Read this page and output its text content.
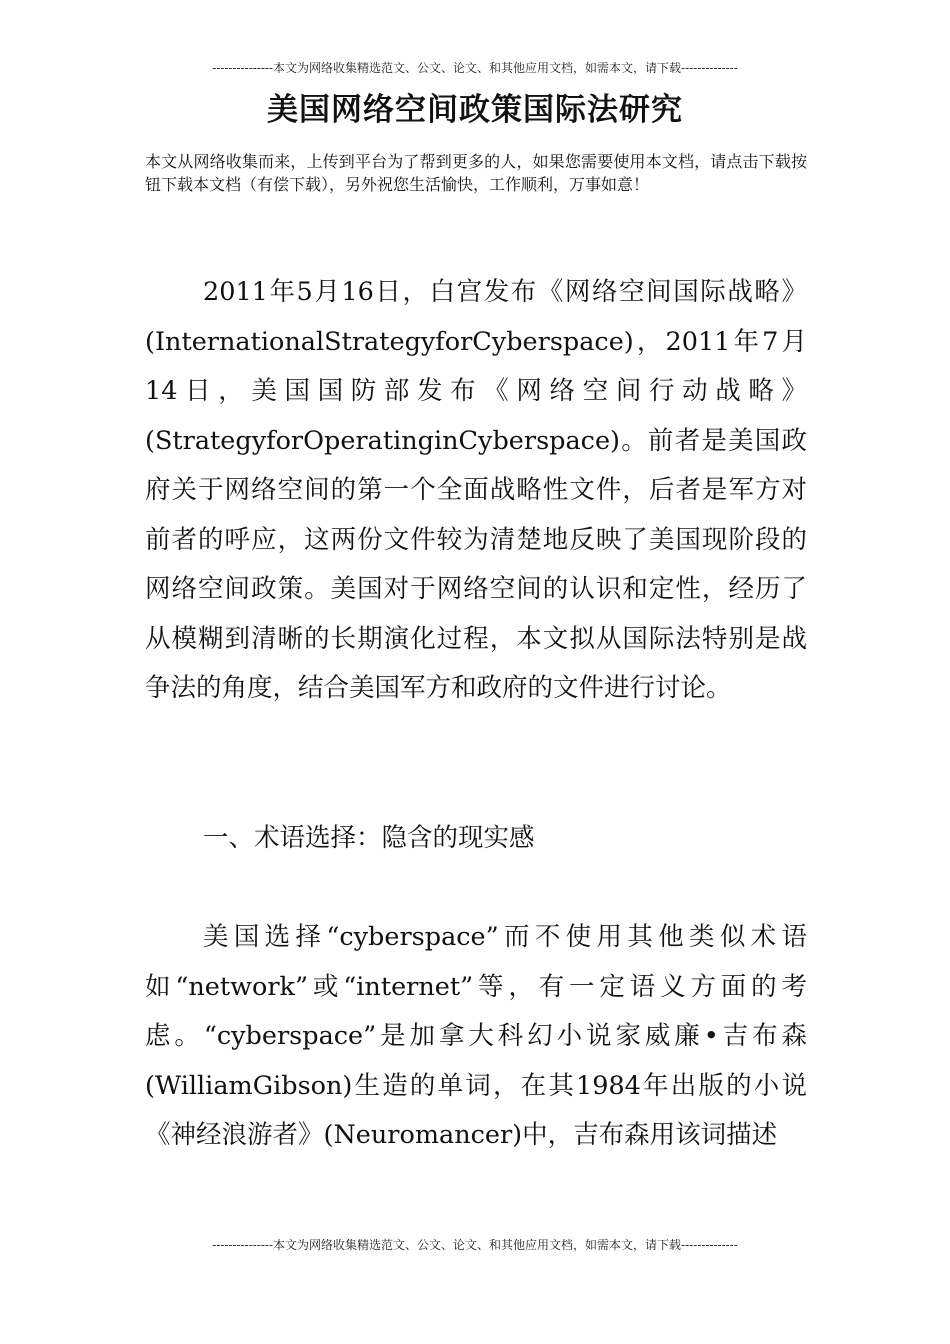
---------------本文为网络收集精选范文、公文、论文、和其他应用文档，如需本文，请下载--------------
美国网络空间政策国际法研究

本文从网络收集而来，上传到平台为了帮到更多的人，如果您需要使用本文档，请点击下载按钮下载本文档（有偿下载），另外祝您生活愉快，工作顺利，万事如意！

2011年5月16日，白宫发布《网络空间国际战略》(InternationalStrategyforCyberspace)，2011年7月14日，美国国防部发布《网络空间行动战略》(StrategyforOperatinginCyberspace)。前者是美国政府关于网络空间的第一个全面战略性文件，后者是军方对前者的呼应，这两份文件较为清楚地反映了美国现阶段的网络空间政策。美国对于网络空间的认识和定性，经历了从模糊到清晰的长期演化过程，本文拟从国际法特别是战争法的角度，结合美国军方和政府的文件进行讨论。

一、术语选择：隐含的现实感

美国选择“cyberspace”而不使用其他类似术语如“network”或“internet”等，有一定语义方面的考虑。“cyberspace”是加拿大科幻小说家威廉•吉布森(WilliamGibson)生造的单词，在其1984年出版的小说《神经浪游者》(Neuromancer)中，吉布森用该词描述

---------------本文为网络收集精选范文、公文、论文、和其他应用文档，如需本文，请下载--------------
